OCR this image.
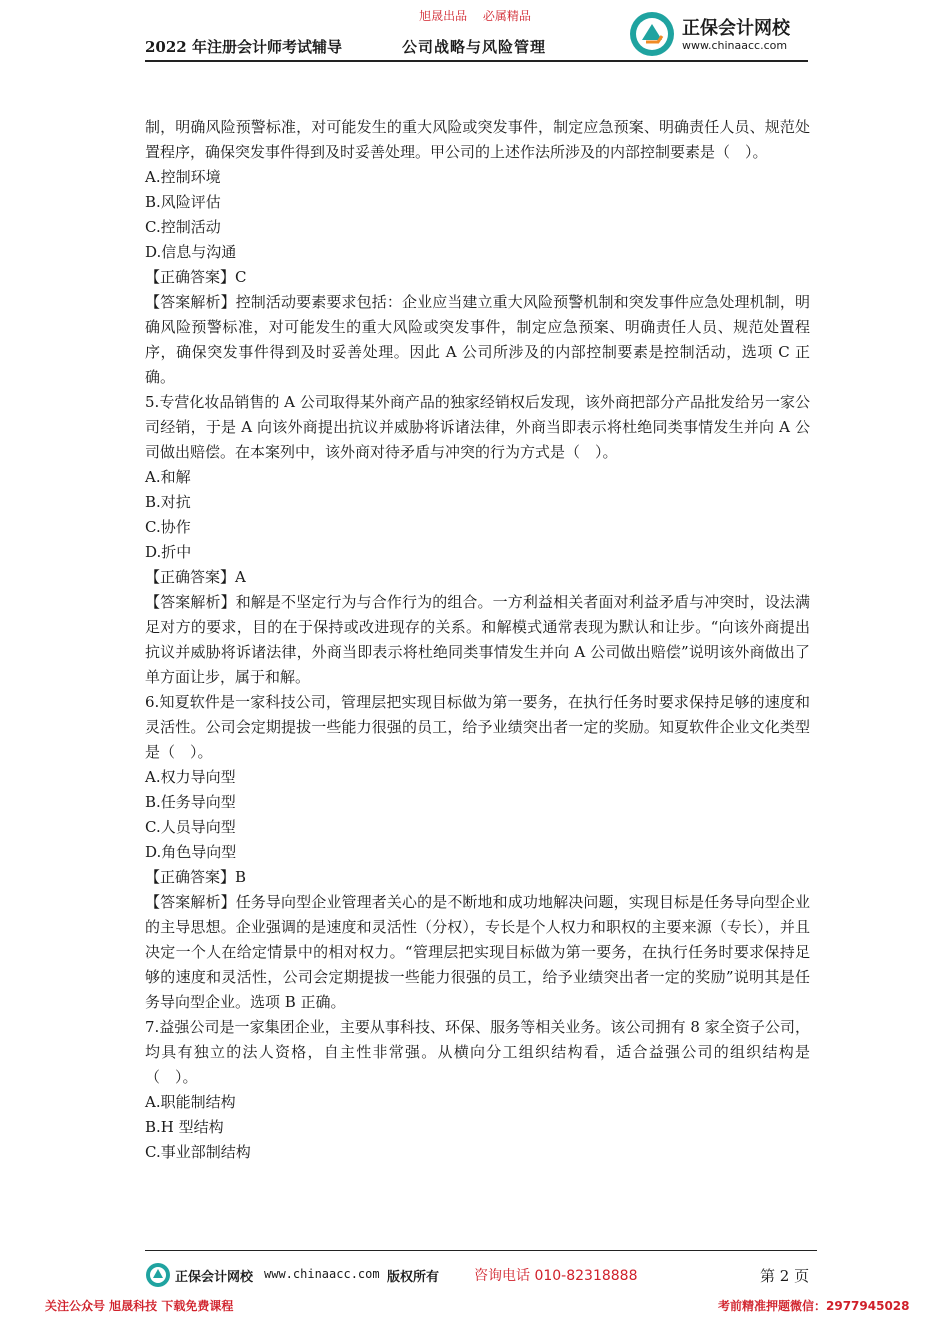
旭晟出品 必属精品
2022 年注册会计师考试辅导	公司战略与风险管理
正保会计网校
www.chinaacc.com

制，明确风险预警标准，对可能发生的重大风险或突发事件，制定应急预案、明确责任人员、规范处置程序，确保突发事件得到及时妥善处理。甲公司的上述作法所涉及的内部控制要素是（　）。

A.控制环境

B.风险评估

C.控制活动

D.信息与沟通

【正确答案】C

【答案解析】控制活动要素要求包括：企业应当建立重大风险预警机制和突发事件应急处理机制，明确风险预警标准，对可能发生的重大风险或突发事件，制定应急预案、明确责任人员、规范处置程序，确保突发事件得到及时妥善处理。因此 A 公司所涉及的内部控制要素是控制活动，选项 C 正确。

5.专营化妆品销售的 A 公司取得某外商产品的独家经销权后发现，该外商把部分产品批发给另一家公司经销，于是 A 向该外商提出抗议并威胁将诉诸法律，外商当即表示将杜绝同类事情发生并向 A 公司做出赔偿。在本案列中，该外商对待矛盾与冲突的行为方式是（　）。

A.和解

B.对抗

C.协作

D.折中

【正确答案】A

【答案解析】和解是不坚定行为与合作行为的组合。一方利益相关者面对利益矛盾与冲突时，设法满足对方的要求，目的在于保持或改进现存的关系。和解模式通常表现为默认和让步。“向该外商提出抗议并威胁将诉诸法律，外商当即表示将杜绝同类事情发生并向 A 公司做出赔偿”说明该外商做出了单方面让步，属于和解。

6.知夏软件是一家科技公司，管理层把实现目标做为第一要务，在执行任务时要求保持足够的速度和灵活性。公司会定期提拔一些能力很强的员工，给予业绩突出者一定的奖励。知夏软件企业文化类型是（　）。

A.权力导向型

B.任务导向型

C.人员导向型

D.角色导向型

【正确答案】B

【答案解析】任务导向型企业管理者关心的是不断地和成功地解决问题，实现目标是任务导向型企业的主导思想。企业强调的是速度和灵活性（分权），专长是个人权力和职权的主要来源（专长），并且决定一个人在给定情景中的相对权力。“管理层把实现目标做为第一要务，在执行任务时要求保持足够的速度和灵活性，公司会定期提拔一些能力很强的员工，给予业绩突出者一定的奖励”说明其是任务导向型企业。选项 B 正确。

7.益强公司是一家集团企业，主要从事科技、环保、服务等相关业务。该公司拥有 8 家全资子公司，均具有独立的法人资格，自主性非常强。从横向分工组织结构看，适合益强公司的组织结构是（　）。

A.职能制结构

B.H 型结构

C.事业部制结构

正保会计网校 www.chinaacc.com 版权所有 咨询电话 010-82318888	第 2 页
关注公众号 旭晟科技 下载免费课程	考前精准押题微信：2977945028
